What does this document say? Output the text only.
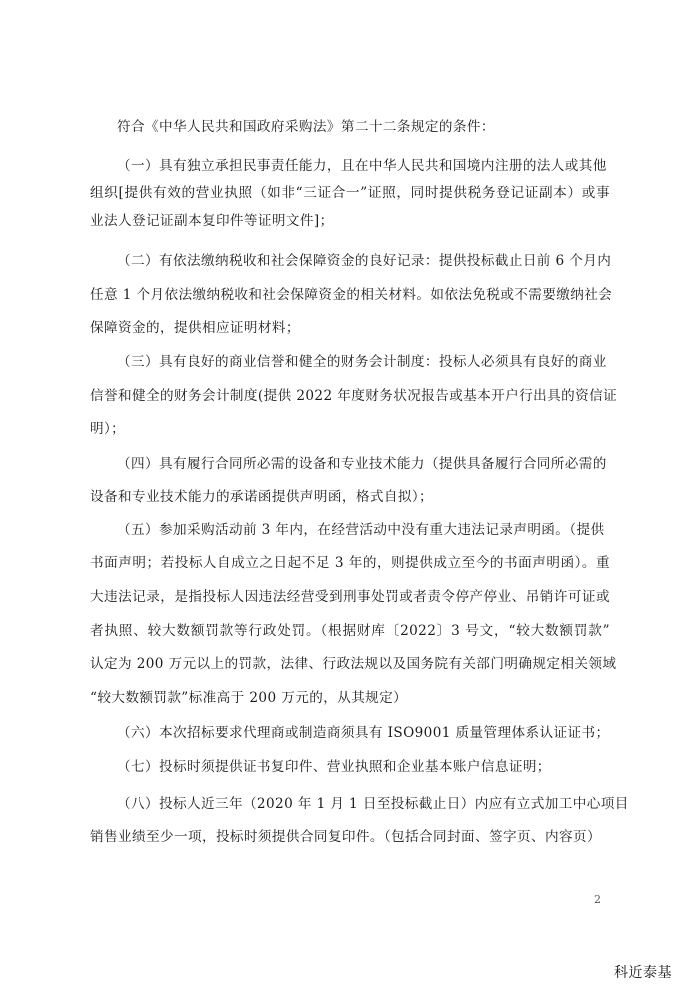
符合《中华人民共和国政府采购法》第二十二条规定的条件：
（一）具有独立承担民事责任能力，且在中华人民共和国境内注册的法人或其他
组织[提供有效的营业执照（如非“三证合一”证照，同时提供税务登记证副本）或事
业法人登记证副本复印件等证明文件]；
（二）有依法缴纳税收和社会保障资金的良好记录：提供投标截止日前 6 个月内
任意 1 个月依法缴纳税收和社会保障资金的相关材料。如依法免税或不需要缴纳社会
保障资金的，提供相应证明材料；
（三）具有良好的商业信誉和健全的财务会计制度：投标人必须具有良好的商业
信誉和健全的财务会计制度(提供 2022 年度财务状况报告或基本开户行出具的资信证
明）；
（四）具有履行合同所必需的设备和专业技术能力（提供具备履行合同所必需的
设备和专业技术能力的承诺函提供声明函，格式自拟）；
（五）参加采购活动前 3 年内，在经营活动中没有重大违法记录声明函。（提供
书面声明；若投标人自成立之日起不足 3 年的，则提供成立至今的书面声明函）。重
大违法记录，是指投标人因违法经营受到刑事处罚或者责令停产停业、吊销许可证或
者执照、较大数额罚款等行政处罚。（根据财库〔2022〕3 号文，“较大数额罚款”
认定为 200 万元以上的罚款，法律、行政法规以及国务院有关部门明确规定相关领域
“较大数额罚款”标准高于 200 万元的，从其规定）
（六）本次招标要求代理商或制造商须具有 ISO9001 质量管理体系认证证书；
（七）投标时须提供证书复印件、营业执照和企业基本账户信息证明；
（八）投标人近三年（2020 年 1 月 1 日至投标截止日）内应有立式加工中心项目
销售业绩至少一项，投标时须提供合同复印件。（包括合同封面、签字页、内容页）
2
科近泰基
